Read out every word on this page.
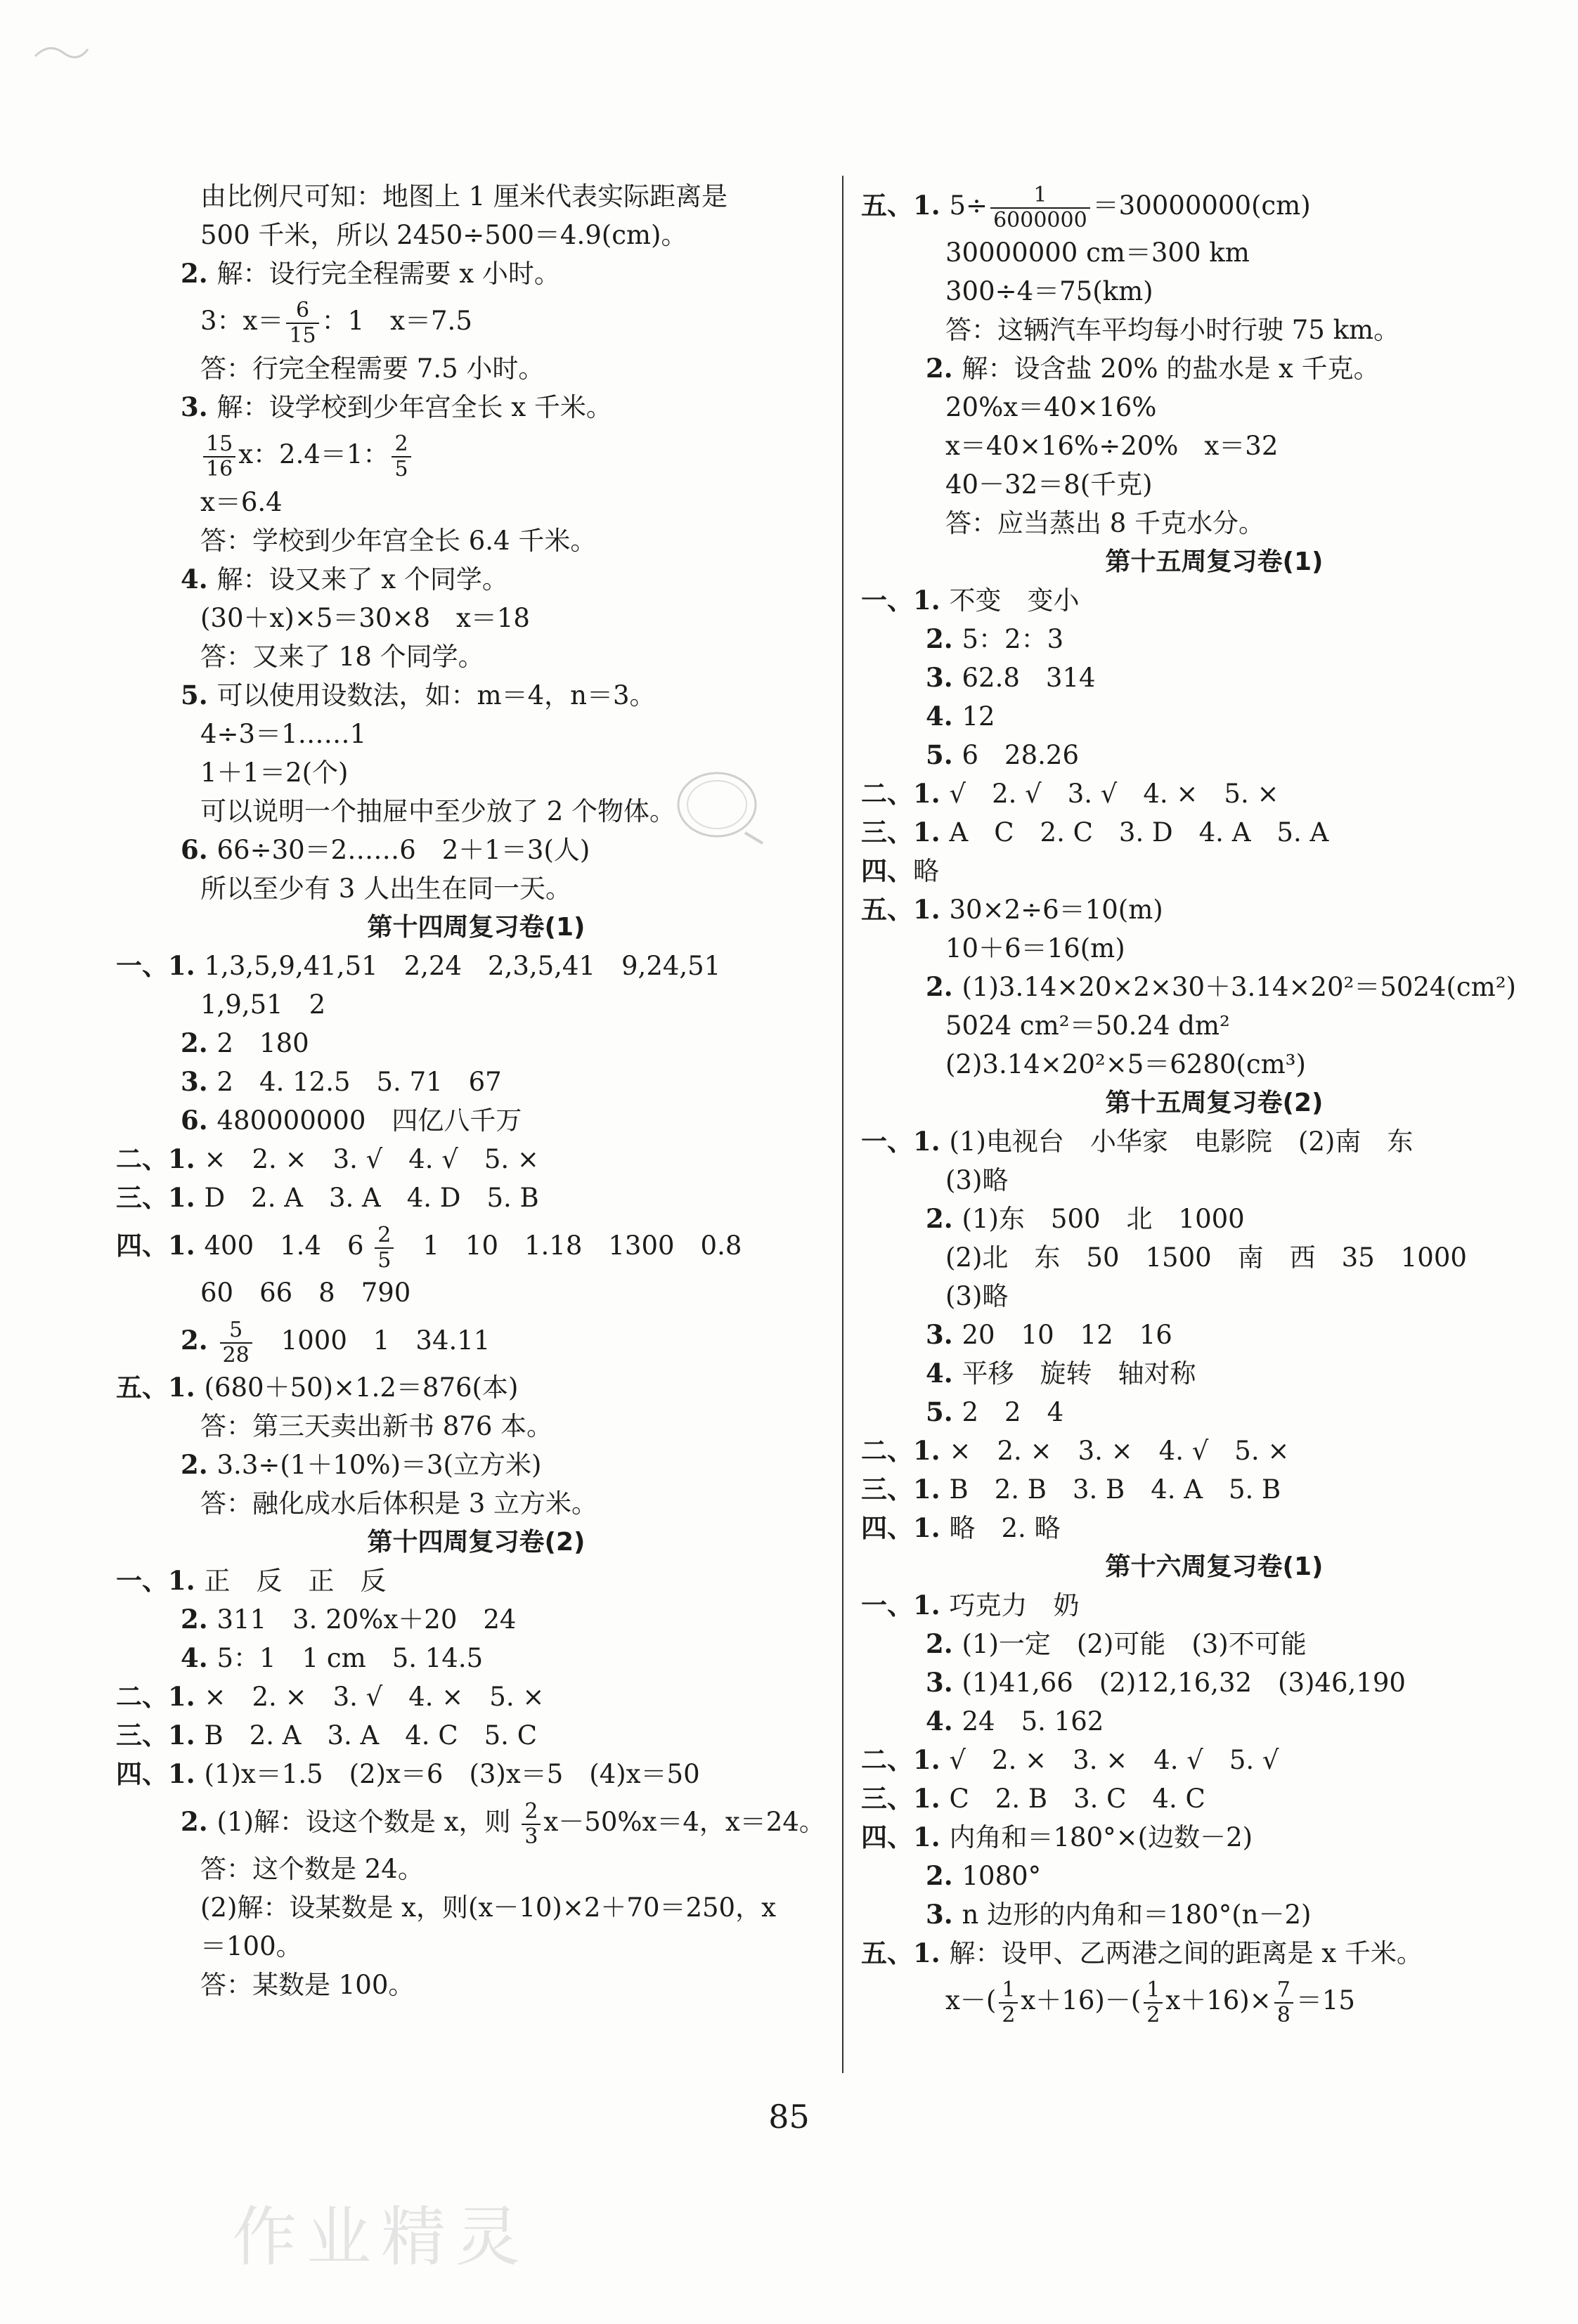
由比例尺可知：地图上 1 厘米代表实际距离是
500 千米，所以 2450÷500＝4.9(cm)。
2. 解：设行完全程需要 x 小时。
3：$x= \frac{6}{15}$ ：1　x＝7.5
答：行完全程需要 7.5 小时。
3. 解：设学校到少年宫全长 x 千米。
$\frac{15}{16}$ x：2.4＝1： $\frac{2}{5}$
x＝6.4
答：学校到少年宫全长 6.4 千米。
4. 解：设又来了 x 个同学。
(30＋x)×5＝30×8　x＝18
答：又来了 18 个同学。
5. 可以使用设数法，如：m＝4，n＝3。
4÷3＝1……1
1＋1＝2(个)
可以说明一个抽屉中至少放了 2 个物体。
6. 66÷30＝2……6　2＋1＝3(人)
所以至少有 3 人出生在同一天。
第十四周复习卷(1)
一、1. 1,3,5,9,41,51　2,24　2,3,5,41　9,24,51
1,9,51　2
2. 2　180
3. 2　4. 12.5　5. 71　67
6. 480000000　四亿八千万
二、1. ×　2. ×　3. √　4. √　5. ×
三、1. D　2. A　3. A　4. D　5. B
四、1. 400　1.4　$6 \frac{2}{5}$ 　1　10　1.18　1300　0.8
60　66　8　790
2. $\frac{5}{28}$ 　1000　1　34.11
五、1. (680＋50)×1.2＝876(本)
答：第三天卖出新书 876 本。
2. 3.3÷(1＋10%)＝3(立方米)
答：融化成水后体积是 3 立方米。
第十四周复习卷(2)
一、1. 正　反　正　反
2. 311　3. 20%x＋20　24
4. 5：1　1 cm　5. 14.5
二、1. ×　2. ×　3. √　4. ×　5. ×
三、1. B　2. A　3. A　4. C　5. C
四、1. (1)x＝1.5　(2)x＝6　(3)x＝5　(4)x＝50
2. (1)解：设这个数是 x，则 $\frac{2}{3} x-50\%x=4$，x＝24。
答：这个数是 24。
(2)解：设某数是 x，则(x－10)×2＋70＝250，x
＝100。
答：某数是 100。
五、1. $5\div \frac{1}{6000000} =30000000(cm)$
30000000 cm＝300 km
300÷4＝75(km)
答：这辆汽车平均每小时行驶 75 km。
2. 解：设含盐 20% 的盐水是 x 千克。
20%x＝40×16%
x＝40×16%÷20%　x＝32
40－32＝8(千克)
答：应当蒸出 8 千克水分。
第十五周复习卷(1)
一、1. 不变　变小
2. 5：2：3
3. 62.8　314
4. 12
5. 6　28.26
二、1. √　2. √　3. √　4. ×　5. ×
三、1. A　C　2. C　3. D　4. A　5. A
四、略
五、1. 30×2÷6＝10(m)
10＋6＝16(m)
2. (1)3.14×20×2×30＋3.14×20²＝5024(cm²)
5024 cm²＝50.24 dm²
(2)3.14×20²×5＝6280(cm³)
第十五周复习卷(2)
一、1. (1)电视台　小华家　电影院　(2)南　东
(3)略
2. (1)东　500　北　1000
(2)北　东　50　1500　南　西　35　1000
(3)略
3. 20　10　12　16
4. 平移　旋转　轴对称
5. 2　2　4
二、1. ×　2. ×　3. ×　4. √　5. ×
三、1. B　2. B　3. B　4. A　5. B
四、1. 略　2. 略
第十六周复习卷(1)
一、1. 巧克力　奶
2. (1)一定　(2)可能　(3)不可能
3. (1)41,66　(2)12,16,32　(3)46,190
4. 24　5. 162
二、1. √　2. ×　3. ×　4. √　5. √
三、1. C　2. B　3. C　4. C
四、1. 内角和＝180°×(边数－2)
2. 1080°
3. n 边形的内角和＝180°(n－2)
五、1. 解：设甲、乙两港之间的距离是 x 千米。
$x-( \frac{1}{2} x+16)-( \frac{1}{2} x+16)\times \frac{7}{8} =15$
85
作业精灵
